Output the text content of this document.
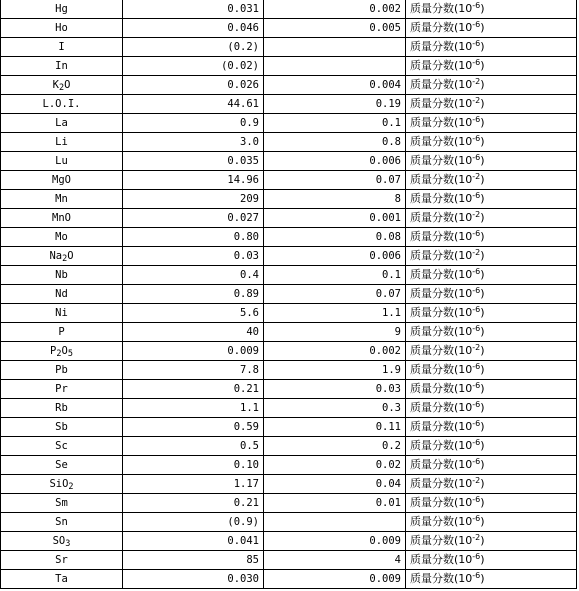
Hg	0.031	0.002	质量分数$(10^{-6})$
Ho	0.046	0.005	质量分数$(10^{-6})$
I	(0.2)		质量分数$(10^{-6})$
In	(0.02)		质量分数$(10^{-6})$
$K_2O$	0.026	0.004	质量分数$(10^{-2})$
L.O.I.	44.61	0.19	质量分数$(10^{-2})$
La	0.9	0.1	质量分数$(10^{-6})$
Li	3.0	0.8	质量分数$(10^{-6})$
Lu	0.035	0.006	质量分数$(10^{-6})$
MgO	14.96	0.07	质量分数$(10^{-2})$
Mn	209	8	质量分数$(10^{-6})$
MnO	0.027	0.001	质量分数$(10^{-2})$
Mo	0.80	0.08	质量分数$(10^{-6})$
$Na_2O$	0.03	0.006	质量分数$(10^{-2})$
Nb	0.4	0.1	质量分数$(10^{-6})$
Nd	0.89	0.07	质量分数$(10^{-6})$
Ni	5.6	1.1	质量分数$(10^{-6})$
P	40	9	质量分数$(10^{-6})$
$P_2O_5$	0.009	0.002	质量分数$(10^{-2})$
Pb	7.8	1.9	质量分数$(10^{-6})$
Pr	0.21	0.03	质量分数$(10^{-6})$
Rb	1.1	0.3	质量分数$(10^{-6})$
Sb	0.59	0.11	质量分数$(10^{-6})$
Sc	0.5	0.2	质量分数$(10^{-6})$
Se	0.10	0.02	质量分数$(10^{-6})$
SiO$_2$	1.17	0.04	质量分数$(10^{-2})$
Sm	0.21	0.01	质量分数$(10^{-6})$
Sn	(0.9)		质量分数$(10^{-6})$
$SO_3$	0.041	0.009	质量分数$(10^{-2})$
Sr	85	4	质量分数$(10^{-6})$
Ta	0.030	0.009	质量分数$(10^{-6})$
